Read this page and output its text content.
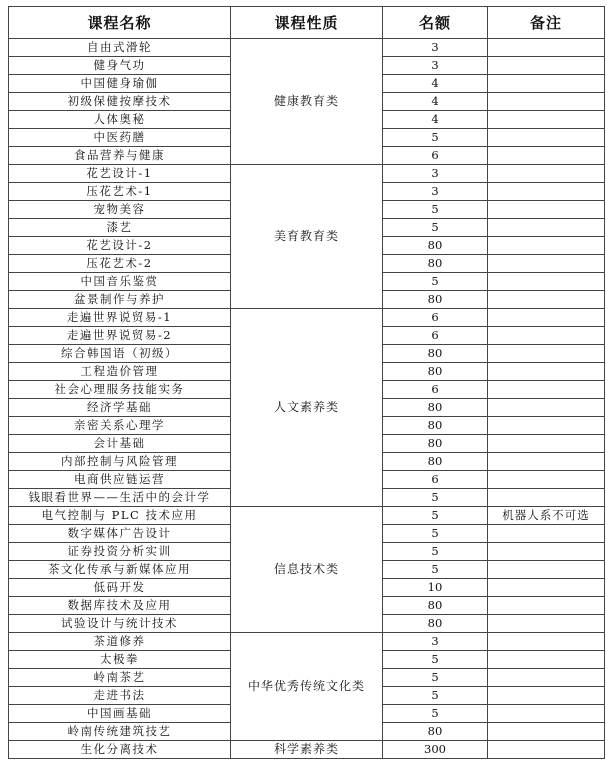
课程名称	课程性质	名额	备注
自由式滑轮	健康教育类	3	
健身气功		3	
中国健身瑜伽		4	
初级保健按摩技术		4	
人体奥秘		4	
中医药膳		5	
食品营养与健康		6	
花艺设计-1	美育教育类	3	
压花艺术-1		3	
宠物美容		5	
漆艺		5	
花艺设计-2		80	
压花艺术-2		80	
中国音乐鉴赏		5	
盆景制作与养护		80	
走遍世界说贸易-1	人文素养类	6	
走遍世界说贸易-2		6	
综合韩国语（初级）		80	
工程造价管理		80	
社会心理服务技能实务		6	
经济学基础		80	
亲密关系心理学		80	
会计基础		80	
内部控制与风险管理		80	
电商供应链运营		6	
钱眼看世界——生活中的会计学		5	
电气控制与 PLC 技术应用	信息技术类	5	机器人系不可选
数字媒体广告设计		5	
证券投资分析实训		5	
茶文化传承与新媒体应用		5	
低码开发		10	
数据库技术及应用		80	
试验设计与统计技术		80	
茶道修养	中华优秀传统文化类	3	
太极拳		5	
岭南茶艺		5	
走进书法		5	
中国画基础		5	
岭南传统建筑技艺		80	
生化分离技术	科学素养类	300	
